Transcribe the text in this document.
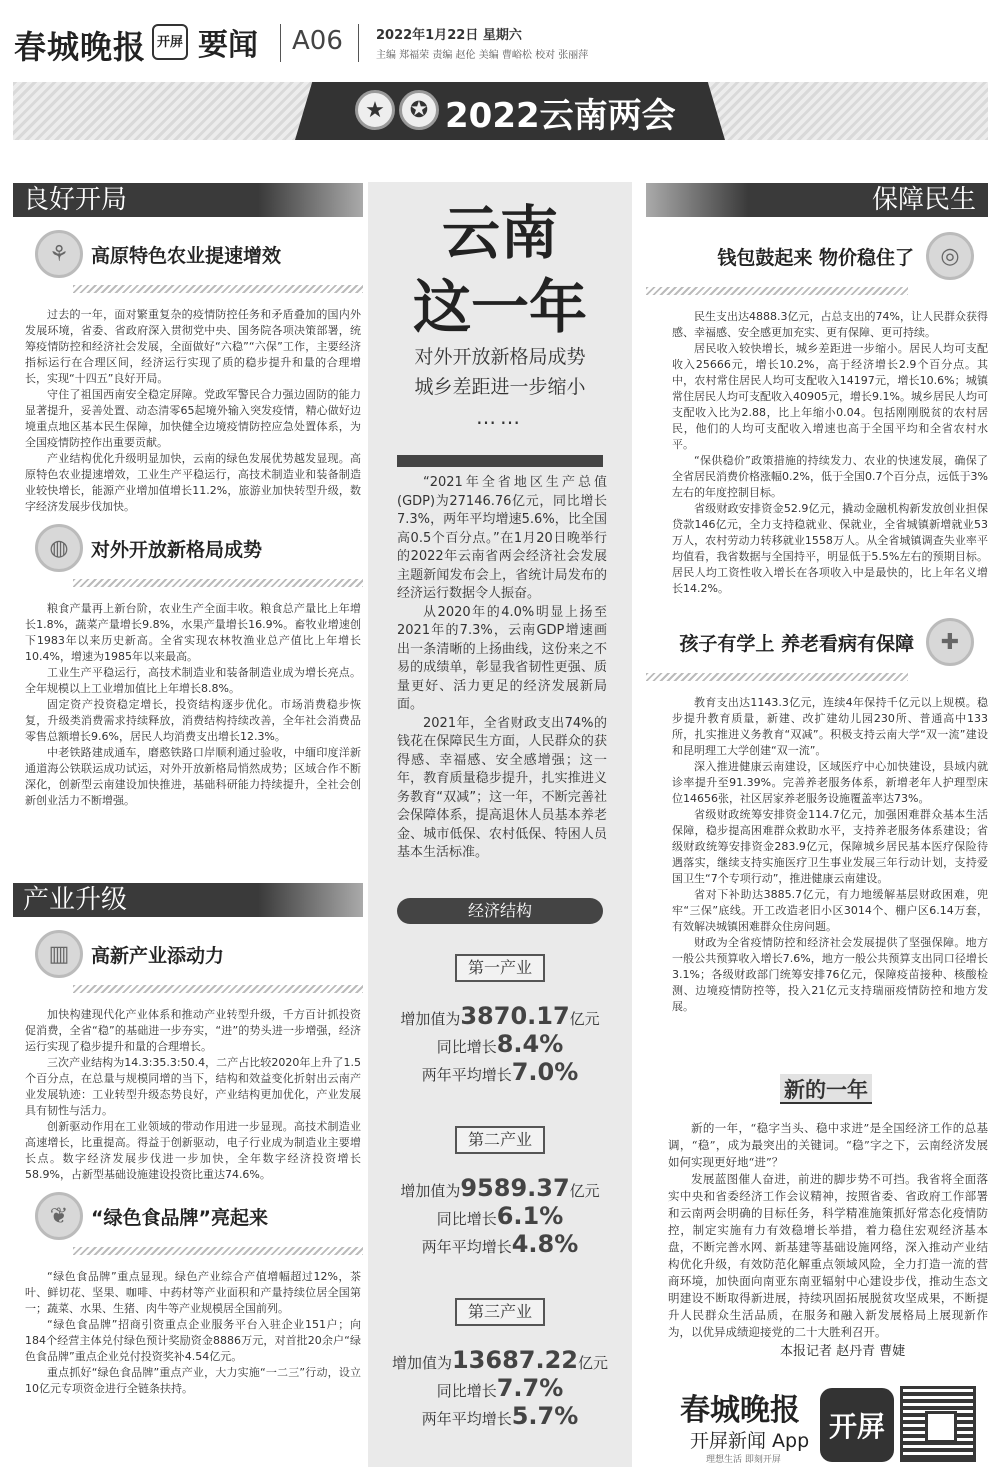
春城晚报 开屏 要闻 A06	2022年1月22日 星期六
主编 郑福荣 责编 赵伦 美编 曹峪松 校对 张丽萍
★	✪ 2022云南两会
良好开局
⚘	高原特色农业提速增效

过去的一年，面对繁重复杂的疫情防控任务和矛盾叠加的国内外发展环境，省委、省政府深入贯彻党中央、国务院各项决策部署，统筹疫情防控和经济社会发展，全面做好“六稳”“六保”工作，主要经济指标运行在合理区间，经济运行实现了质的稳步提升和量的合理增长，实现“十四五”良好开局。

守住了祖国西南安全稳定屏障。党政军警民合力强边固防的能力显著提升，妥善处置、动态清零65起境外输入突发疫情，精心做好边境重点地区基本民生保障，加快健全边境疫情防控应急处置体系，为全国疫情防控作出重要贡献。

产业结构优化升级明显加快，云南的绿色发展优势越发显现。高原特色农业提速增效，工业生产平稳运行，高技术制造业和装备制造业较快增长，能源产业增加值增长11.2%，旅游业加快转型升级，数字经济发展步伐加快。

◍	对外开放新格局成势

粮食产量再上新台阶，农业生产全面丰收。粮食总产量比上年增长1.8%，蔬菜产量增长9.8%，水果产量增长16.9%。畜牧业增速创下1983年以来历史新高。全省实现农林牧渔业总产值比上年增长10.4%，增速为1985年以来最高。

工业生产平稳运行，高技术制造业和装备制造业成为增长亮点。全年规模以上工业增加值比上年增长8.8%。

固定资产投资稳定增长，投资结构逐步优化。市场消费稳步恢复，升级类消费需求持续释放，消费结构持续改善，全年社会消费品零售总额增长9.6%，居民人均消费支出增长12.3%。

中老铁路建成通车，磨憨铁路口岸顺利通过验收，中缅印度洋新通道海公铁联运成功试运，对外开放新格局悄然成势；区域合作不断深化，创新型云南建设加快推进，基础科研能力持续提升，全社会创新创业活力不断增强。

产业升级
▥	高新产业添动力

加快构建现代化产业体系和推动产业转型升级，千方百计抓投资促消费，全省“稳”的基础进一步夯实，“进”的势头进一步增强，经济运行实现了稳步提升和量的合理增长。

三次产业结构为14.3:35.3:50.4，二产占比较2020年上升了1.5个百分点，在总量与规模同增的当下，结构和效益变化折射出云南产业发展轨迹：工业转型升级态势良好，产业结构更加优化，产业发展具有韧性与活力。

创新驱动作用在工业领域的带动作用进一步显现。高技术制造业高速增长，比重提高。得益于创新驱动，电子行业成为制造业主要增长点。数字经济发展步伐进一步加快，全年数字经济投资增长58.9%，占新型基础设施建设投资比重达74.6%。

❦	“绿色食品牌”亮起来

“绿色食品牌”重点显现。绿色产业综合产值增幅超过12%，茶叶、鲜切花、坚果、咖啡、中药材等产业面积和产量持续位居全国第一；蔬菜、水果、生猪、肉牛等产业规模居全国前列。

“绿色食品牌”招商引资重点企业服务平台入驻企业151户；向184个经营主体兑付绿色预计奖励资金8886万元，对首批20余户“绿色食品牌”重点企业兑付投资奖补4.54亿元。

重点抓好“绿色食品牌”重点产业，大力实施“一二三”行动，设立10亿元专项资金进行全链条扶持。

云南
这一年
对外开放新格局成势
城乡差距进一步缩小
……

“2021年全省地区生产总值(GDP)为27146.76亿元，同比增长7.3%，两年平均增速5.6%，比全国高0.5个百分点。”在1月20日晚举行的2022年云南省两会经济社会发展主题新闻发布会上，省统计局发布的经济运行数据令人振奋。

从2020年的4.0%明显上扬至2021年的7.3%，云南GDP增速画出一条清晰的上扬曲线，这份来之不易的成绩单，彰显我省韧性更强、质量更好、活力更足的经济发展新局面。

2021年，全省财政支出74%的钱花在保障民生方面，人民群众的获得感、幸福感、安全感增强；这一年，教育质量稳步提升，扎实推进义务教育“双减”；这一年，不断完善社会保障体系，提高退休人员基本养老金、城市低保、农村低保、特困人员基本生活标准。

经济结构
第一产业
增加值为3870.17亿元
同比增长8.4%
两年平均增长7.0%
第二产业
增加值为9589.37亿元
同比增长6.1%
两年平均增长4.8%
第三产业
增加值为13687.22亿元
同比增长7.7%
两年平均增长5.7%
保障民生
钱包鼓起来 物价稳住了	◎

民生支出达4888.3亿元，占总支出的74%，让人民群众获得感、幸福感、安全感更加充实、更有保障、更可持续。

居民收入较快增长，城乡差距进一步缩小。居民人均可支配收入25666元，增长10.2%，高于经济增长2.9个百分点。其中，农村常住居民人均可支配收入14197元，增长10.6%；城镇常住居民人均可支配收入40905元，增长9.1%。城乡居民人均可支配收入比为2.88，比上年缩小0.04。包括刚刚脱贫的农村居民，他们的人均可支配收入增速也高于全国平均和全省农村水平。

“保供稳价”政策措施的持续发力、农业的快速发展，确保了全省居民消费价格涨幅0.2%，低于全国0.7个百分点，远低于3%左右的年度控制目标。

省级财政安排资金52.9亿元，撬动金融机构新发放创业担保贷款146亿元，全力支持稳就业、保就业，全省城镇新增就业53万人，农村劳动力转移就业1558万人。从全省城镇调查失业率平均值看，我省数据与全国持平，明显低于5.5%左右的预期目标。居民人均工资性收入增长在各项收入中是最快的，比上年名义增长14.2%。

孩子有学上 养老看病有保障	✚

教育支出达1143.3亿元，连续4年保持千亿元以上规模。稳步提升教育质量，新建、改扩建幼儿园230所、普通高中133所，扎实推进义务教育“双减”。积极支持云南大学“双一流”建设和昆明理工大学创建“双一流”。

深入推进健康云南建设，区域医疗中心加快建设，县域内就诊率提升至91.39%。完善养老服务体系，新增老年人护理型床位14656张，社区居家养老服务设施覆盖率达73%。

省级财政统筹安排资金114.7亿元，加强困难群众基本生活保障，稳步提高困难群众救助水平，支持养老服务体系建设；省级财政统筹安排资金283.9亿元，保障城乡居民基本医疗保险待遇落实，继续支持实施医疗卫生事业发展三年行动计划，支持爱国卫生“7个专项行动”，推进健康云南建设。

省对下补助达3885.7亿元，有力地缓解基层财政困难，兜牢“三保”底线。开工改造老旧小区3014个、棚户区6.14万套，有效解决城镇困难群众住房问题。

财政为全省疫情防控和经济社会发展提供了坚强保障。地方一般公共预算收入增长7.6%，地方一般公共预算支出同口径增长3.1%；各级财政部门统筹安排76亿元，保障疫苗接种、核酸检测、边境疫情防控等，投入21亿元支持瑞丽疫情防控和地方发展。

新的一年

新的一年，“稳字当头、稳中求进”是全国经济工作的总基调，“稳”，成为最突出的关键词。“稳”字之下，云南经济发展如何实现更好地“进”？

发展蓝图催人奋进，前进的脚步势不可挡。我省将全面落实中央和省委经济工作会议精神，按照省委、省政府工作部署和云南两会明确的目标任务，科学精准施策抓好常态化疫情防控，制定实施有力有效稳增长举措，着力稳住宏观经济基本盘，不断完善水网、新基建等基础设施网络，深入推动产业结构优化升级，有效防范化解重点领域风险，全力打造一流的营商环境，加快面向南亚东南亚辐射中心建设步伐，推动生态文明建设不断取得新进展，持续巩固拓展脱贫攻坚成果，不断提升人民群众生活品质，在服务和融入新发展格局上展现新作为，以优异成绩迎接党的二十大胜利召开。

本报记者 赵丹青 曹婕
春城晚报
开屏新闻 App
理想生活 即刻开屏
开屏
